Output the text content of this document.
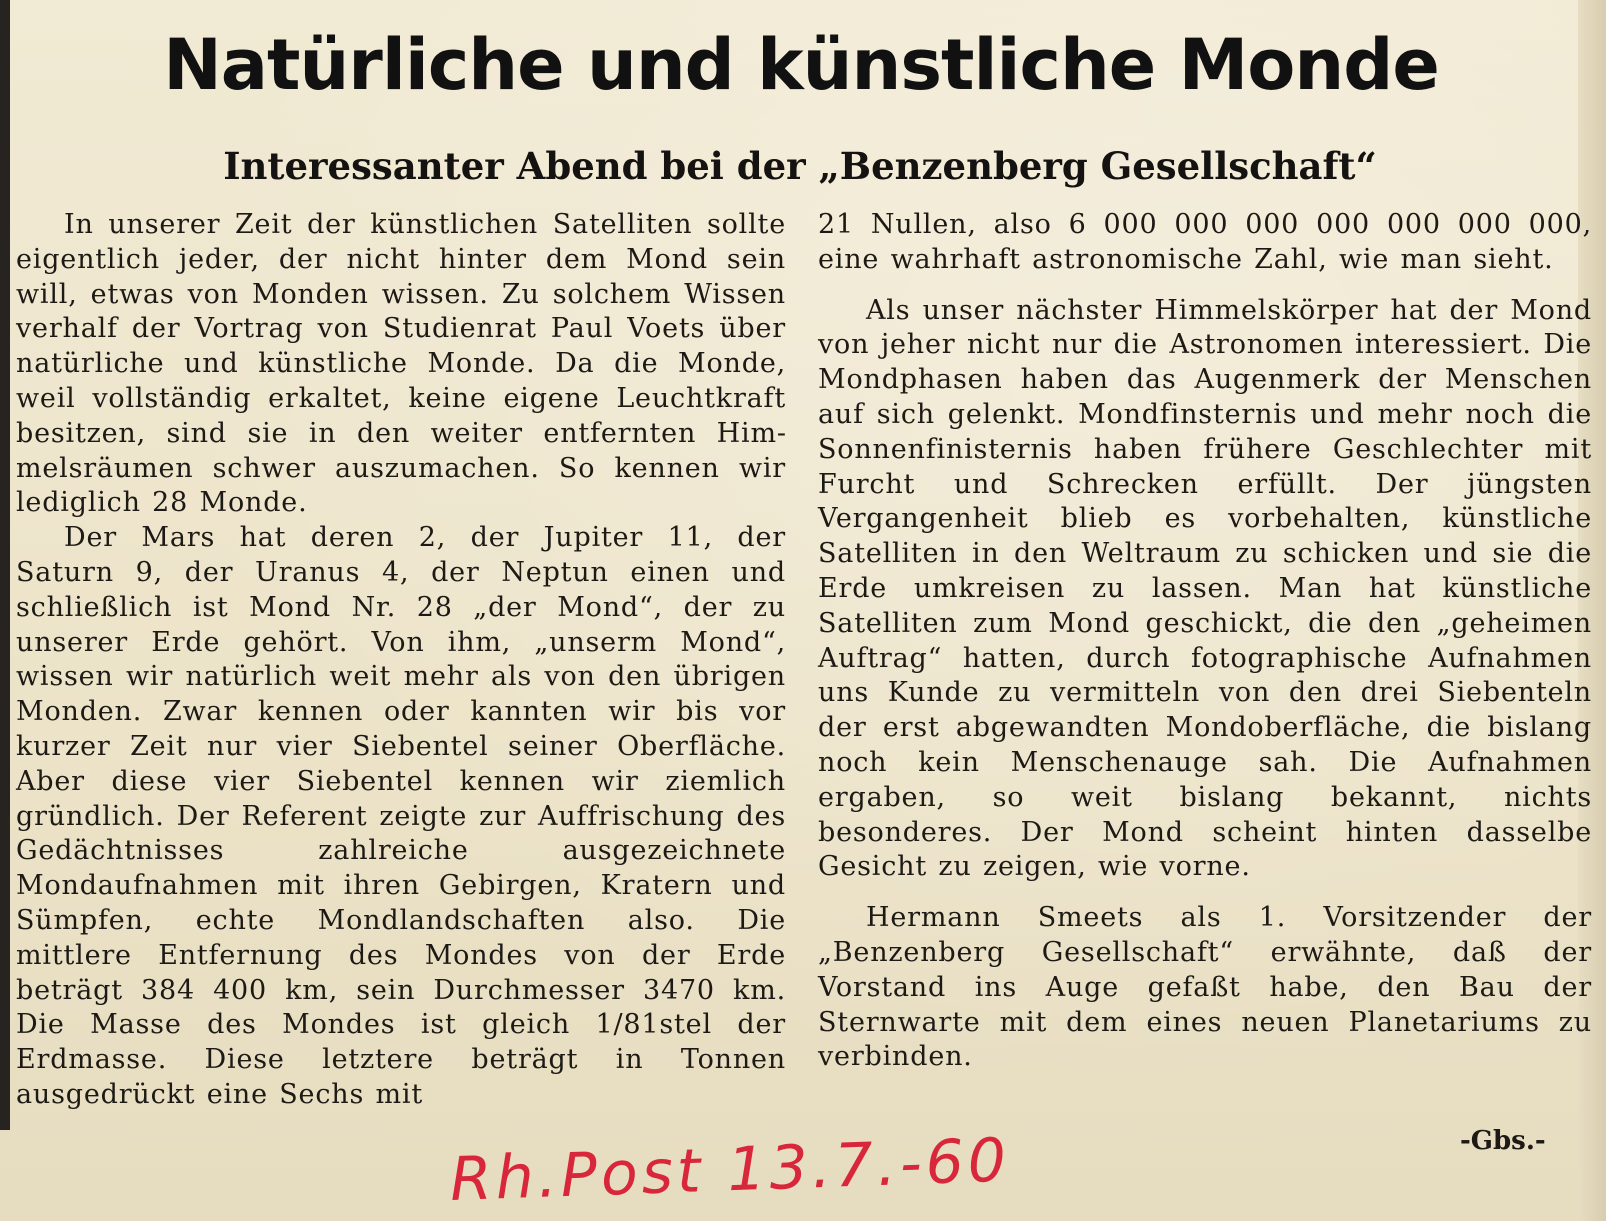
Natürliche und künstliche Monde
Interessanter Abend bei der „Benzenberg Gesellschaft“

In unserer Zeit der künstlichen Satelliten sollte eigentlich jeder, der nicht hinter dem Mond sein will, etwas von Monden wissen. Zu solchem Wissen verhalf der Vortrag von Studienrat Paul Voets über natürliche und künstliche Monde. Da die Monde, weil vollständig erkaltet, keine eigene Leuchtkraft besitzen, sind sie in den weiter entfernten Himmelsräumen schwer auszumachen. So kennen wir lediglich 28 Monde.

Der Mars hat deren 2, der Jupiter 11, der Saturn 9, der Uranus 4, der Neptun einen und schließlich ist Mond Nr. 28 „der Mond“, der zu unserer Erde gehört. Von ihm, „unserm Mond“, wissen wir natürlich weit mehr als von den übrigen Monden. Zwar kennen oder kannten wir bis vor kurzer Zeit nur vier Siebentel seiner Oberfläche. Aber diese vier Siebentel kennen wir ziemlich gründlich. Der Referent zeigte zur Auffrischung des Gedächtnisses zahlreiche ausgezeichnete Mondaufnahmen mit ihren Gebirgen, Kratern und Sümpfen, echte Mondlandschaften also. Die mittlere Entfernung des Mondes von der Erde beträgt 384 400 km, sein Durchmesser 3470 km. Die Masse des Mondes ist gleich 1/81stel der Erdmasse. Diese letztere beträgt in Tonnen ausgedrückt eine Sechs mit

21 Nullen, also 6 000 000 000 000 000 000 000, eine wahrhaft astronomische Zahl, wie man sieht.

Als unser nächster Himmelskörper hat der Mond von jeher nicht nur die Astronomen interessiert. Die Mondphasen haben das Augenmerk der Menschen auf sich gelenkt. Mondfinsternis und mehr noch die Sonnenfinisternis haben frühere Geschlechter mit Furcht und Schrecken erfüllt. Der jüngsten Vergangenheit blieb es vorbehalten, künstliche Satelliten in den Weltraum zu schicken und sie die Erde umkreisen zu lassen. Man hat künstliche Satelliten zum Mond geschickt, die den „geheimen Auftrag“ hatten, durch fotographische Aufnahmen uns Kunde zu vermitteln von den drei Siebenteln der erst abgewandten Mondoberfläche, die bislang noch kein Menschenauge sah. Die Aufnahmen ergaben, so weit bislang bekannt, nichts besonderes. Der Mond scheint hinten dasselbe Gesicht zu zeigen, wie vorne.

Hermann Smeets als 1. Vorsitzender der „Benzenberg Gesellschaft“ erwähnte, daß der Vorstand ins Auge gefaßt habe, den Bau der Sternwarte mit dem eines neuen Planetariums zu verbinden.

-Gbs.-
Rh.Post 13.7.-60
